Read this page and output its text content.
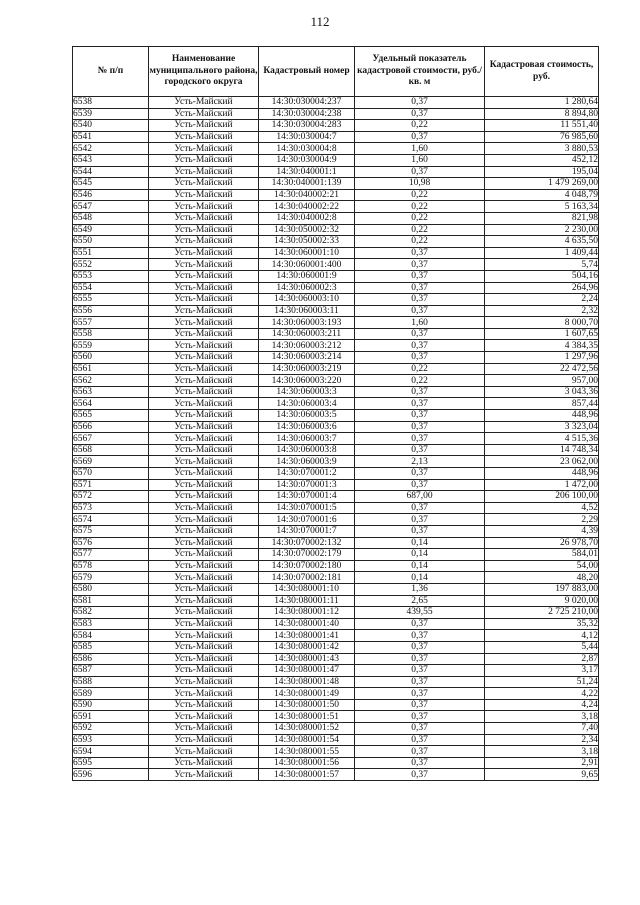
112
№ п/п	Наименование муниципального района, городского округа	Кадастровый номер	Удельный показатель кадастровой стоимости, руб./кв. м	Кадастровая стоимость, руб.
6538	Усть-Майский	14:30:030004:237	0,37	1 280,64
6539	Усть-Майский	14:30:030004:238	0,37	8 894,80
6540	Усть-Майский	14:30:030004:283	0,22	11 551,40
6541	Усть-Майский	14:30:030004:7	0,37	76 985,60
6542	Усть-Майский	14:30:030004:8	1,60	3 880,53
6543	Усть-Майский	14:30:030004:9	1,60	452,12
6544	Усть-Майский	14:30:040001:1	0,37	195,04
6545	Усть-Майский	14:30:040001:139	10,98	1 479 269,00
6546	Усть-Майский	14:30:040002:21	0,22	4 048,79
6547	Усть-Майский	14:30:040002:22	0,22	5 163,34
6548	Усть-Майский	14:30:040002:8	0,22	821,98
6549	Усть-Майский	14:30:050002:32	0,22	2 230,00
6550	Усть-Майский	14:30:050002:33	0,22	4 635,50
6551	Усть-Майский	14:30:060001:10	0,37	1 409,44
6552	Усть-Майский	14:30:060001:400	0,37	5,74
6553	Усть-Майский	14:30:060001:9	0,37	504,16
6554	Усть-Майский	14:30:060002:3	0,37	264,96
6555	Усть-Майский	14:30:060003:10	0,37	2,24
6556	Усть-Майский	14:30:060003:11	0,37	2,32
6557	Усть-Майский	14:30:060003:193	1,60	8 000,70
6558	Усть-Майский	14:30:060003:211	0,37	1 607,65
6559	Усть-Майский	14:30:060003:212	0,37	4 384,35
6560	Усть-Майский	14:30:060003:214	0,37	1 297,96
6561	Усть-Майский	14:30:060003:219	0,22	22 472,56
6562	Усть-Майский	14:30:060003:220	0,22	957,00
6563	Усть-Майский	14:30:060003:3	0,37	3 043,36
6564	Усть-Майский	14:30:060003:4	0,37	857,44
6565	Усть-Майский	14:30:060003:5	0,37	448,96
6566	Усть-Майский	14:30:060003:6	0,37	3 323,04
6567	Усть-Майский	14:30:060003:7	0,37	4 515,36
6568	Усть-Майский	14:30:060003:8	0,37	14 748,34
6569	Усть-Майский	14:30:060003:9	2,13	23 062,00
6570	Усть-Майский	14:30:070001:2	0,37	448,96
6571	Усть-Майский	14:30:070001:3	0,37	1 472,00
6572	Усть-Майский	14:30:070001:4	687,00	206 100,00
6573	Усть-Майский	14:30:070001:5	0,37	4,52
6574	Усть-Майский	14:30:070001:6	0,37	2,29
6575	Усть-Майский	14:30:070001:7	0,37	4,39
6576	Усть-Майский	14:30:070002:132	0,14	26 978,70
6577	Усть-Майский	14:30:070002:179	0,14	584,01
6578	Усть-Майский	14:30:070002:180	0,14	54,00
6579	Усть-Майский	14:30:070002:181	0,14	48,20
6580	Усть-Майский	14:30:080001:10	1,36	197 883,00
6581	Усть-Майский	14:30:080001:11	2,65	9 020,00
6582	Усть-Майский	14:30:080001:12	439,55	2 725 210,00
6583	Усть-Майский	14:30:080001:40	0,37	35,32
6584	Усть-Майский	14:30:080001:41	0,37	4,12
6585	Усть-Майский	14:30:080001:42	0,37	5,44
6586	Усть-Майский	14:30:080001:43	0,37	2,87
6587	Усть-Майский	14:30:080001:47	0,37	3,17
6588	Усть-Майский	14:30:080001:48	0,37	51,24
6589	Усть-Майский	14:30:080001:49	0,37	4,22
6590	Усть-Майский	14:30:080001:50	0,37	4,24
6591	Усть-Майский	14:30:080001:51	0,37	3,18
6592	Усть-Майский	14:30:080001:52	0,37	7,40
6593	Усть-Майский	14:30:080001:54	0,37	2,34
6594	Усть-Майский	14:30:080001:55	0,37	3,18
6595	Усть-Майский	14:30:080001:56	0,37	2,91
6596	Усть-Майский	14:30:080001:57	0,37	9,65
